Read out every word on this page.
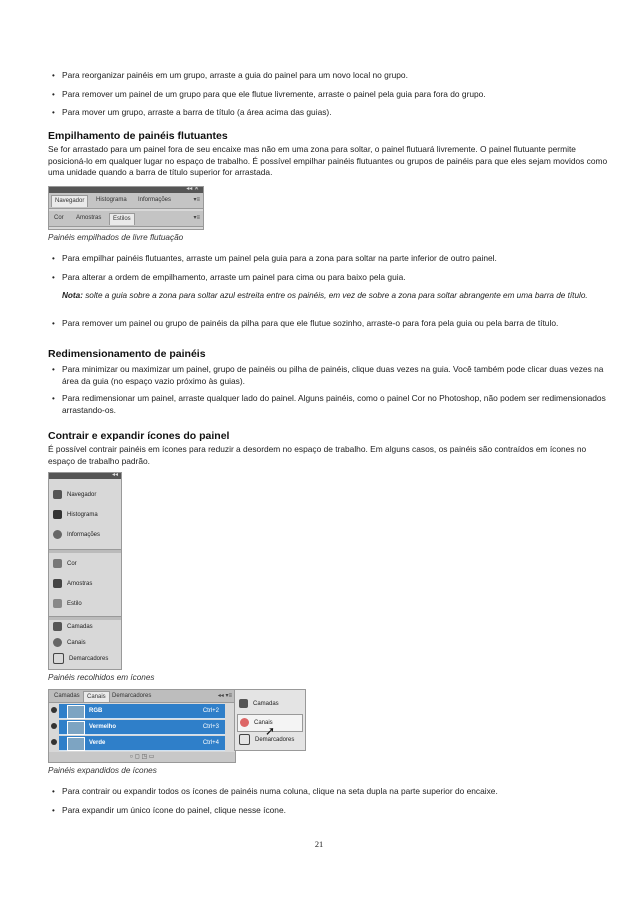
• Para reorganizar painéis em um grupo, arraste a guia do painel para um novo local no grupo.
• Para remover um painel de um grupo para que ele flutue livremente, arraste o painel pela guia para fora do grupo.
• Para mover um grupo, arraste a barra de título (a área acima das guias).
Empilhamento de painéis flutuantes

Se for arrastado para um painel fora de seu encaixe mas não em uma zona para soltar, o painel flutuará livremente. O painel flutuante permite posicioná-lo em qualquer lugar no espaço de trabalho. É possível empilhar painéis flutuantes ou grupos de painéis para que eles sejam movidos como uma unidade quando a barra de título superior for arrastada.

◂◂ ✕
Navegador	Histograma	Informações	▾≡
Cor	Amostras	Estilos	▾≡

Painéis empilhados de livre flutuação

• Para empilhar painéis flutuantes, arraste um painel pela guia para a zona para soltar na parte inferior de outro painel.
• Para alterar a ordem de empilhamento, arraste um painel para cima ou para baixo pela guia.

Nota: solte a guia sobre a zona para soltar azul estreita entre os painéis, em vez de sobre a zona para soltar abrangente em uma barra de título.

• Para remover um painel ou grupo de painéis da pilha para que ele flutue sozinho, arraste-o para fora pela guia ou pela barra de título.
Redimensionamento de painéis
• Para minimizar ou maximizar um painel, grupo de painéis ou pilha de painéis, clique duas vezes na guia. Você também pode clicar duas vezes na área da guia (no espaço vazio próximo às guias).
• Para redimensionar um painel, arraste qualquer lado do painel. Alguns painéis, como o painel Cor no Photoshop, não podem ser redimensionados arrastando-os.
Contrair e expandir ícones do painel

É possível contrair painéis em ícones para reduzir a desordem no espaço de trabalho. Em alguns casos, os painéis são contraídos em ícones no espaço de trabalho padrão.

◂◂
Navegador
Histograma
Informações
Cor
Amostras
Estilo
Camadas
Canais
Demarcadores

Painéis recolhidos em ícones

Camadas	Canais	Demarcadores	◂◂ ▾≡
RGB	Ctrl+2
Vermelho	Ctrl+3
Verde	Ctrl+4
○ ◻ ◳ ▭
Camadas
Canais
Demarcadores
➚

Painéis expandidos de ícones

• Para contrair ou expandir todos os ícones de painéis numa coluna, clique na seta dupla na parte superior do encaixe.
• Para expandir um único ícone do painel, clique nesse ícone.
21
